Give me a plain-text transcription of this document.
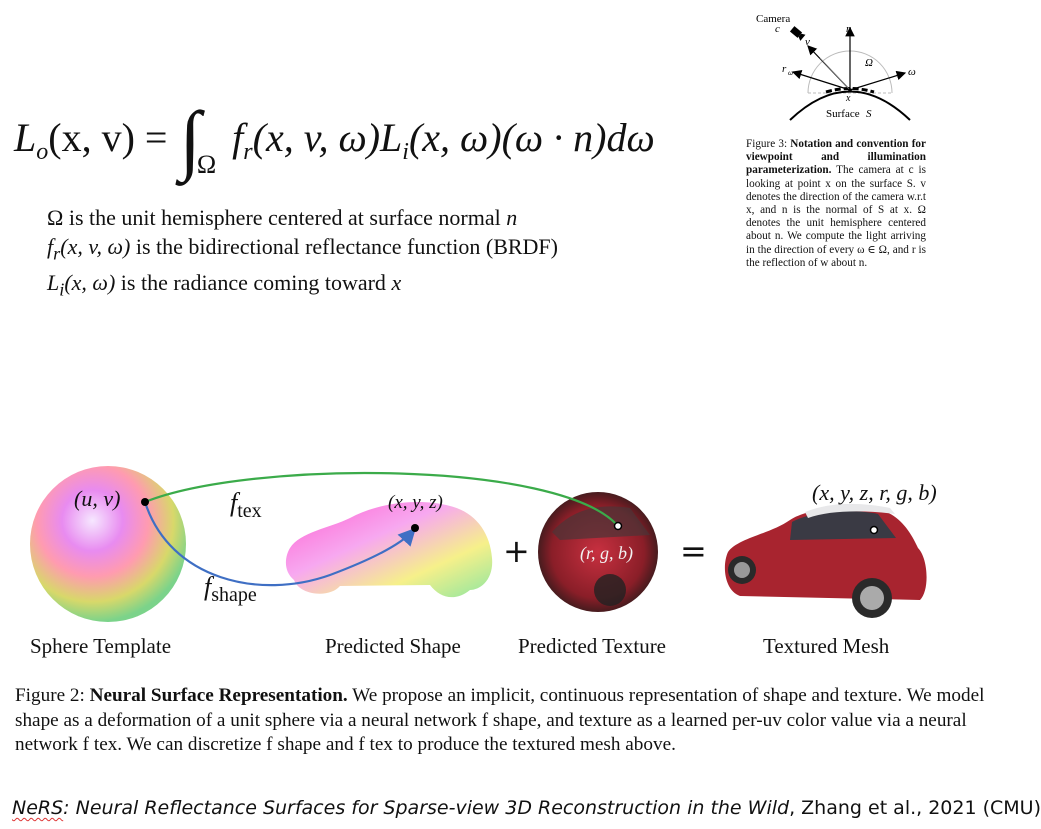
$L_o(x$, $v) = \int_\Omega$ $f_r(x$, v, $\omega)L_i(x$, ω)(ω · n)dω
Ω is the unit hemisphere centered at surface normal n
$f_r(x$, v, ω) is the bidirectional reflectance function (BRDF)
$L_i(x$, ω) is the radiance coming toward x
Camera
c
v
n
Ω
r ω	ω
x
Surface S
Figure 3: Notation and convention for viewpoint and illumination parameterization. The camera at c is looking at point x on the surface S. v denotes the direction of the camera w.r.t x, and n is the normal of S at x. Ω denotes the unit hemisphere centered about n. We compute the light arriving in the direction of every ω ∈ Ω, and r is the reflection of w about n.
(u, v)	$f_{tex}$
$f_{shape}$
(x, y, z)
(r, g, b)
(x, y, z, r, g, b)
+	=
Sphere Template	Predicted Shape	Predicted Texture	Textured Mesh
Figure 2: Neural Surface Representation. We propose an implicit, continuous representation of shape and texture. We model shape as a deformation of a unit sphere via a neural network f shape, and texture as a learned per-uv color value via a neural network f tex. We can discretize f shape and f tex to produce the textured mesh above.
NeRS: Neural Reflectance Surfaces for Sparse-view 3D Reconstruction in the Wild, Zhang et al., 2021 (CMU)
